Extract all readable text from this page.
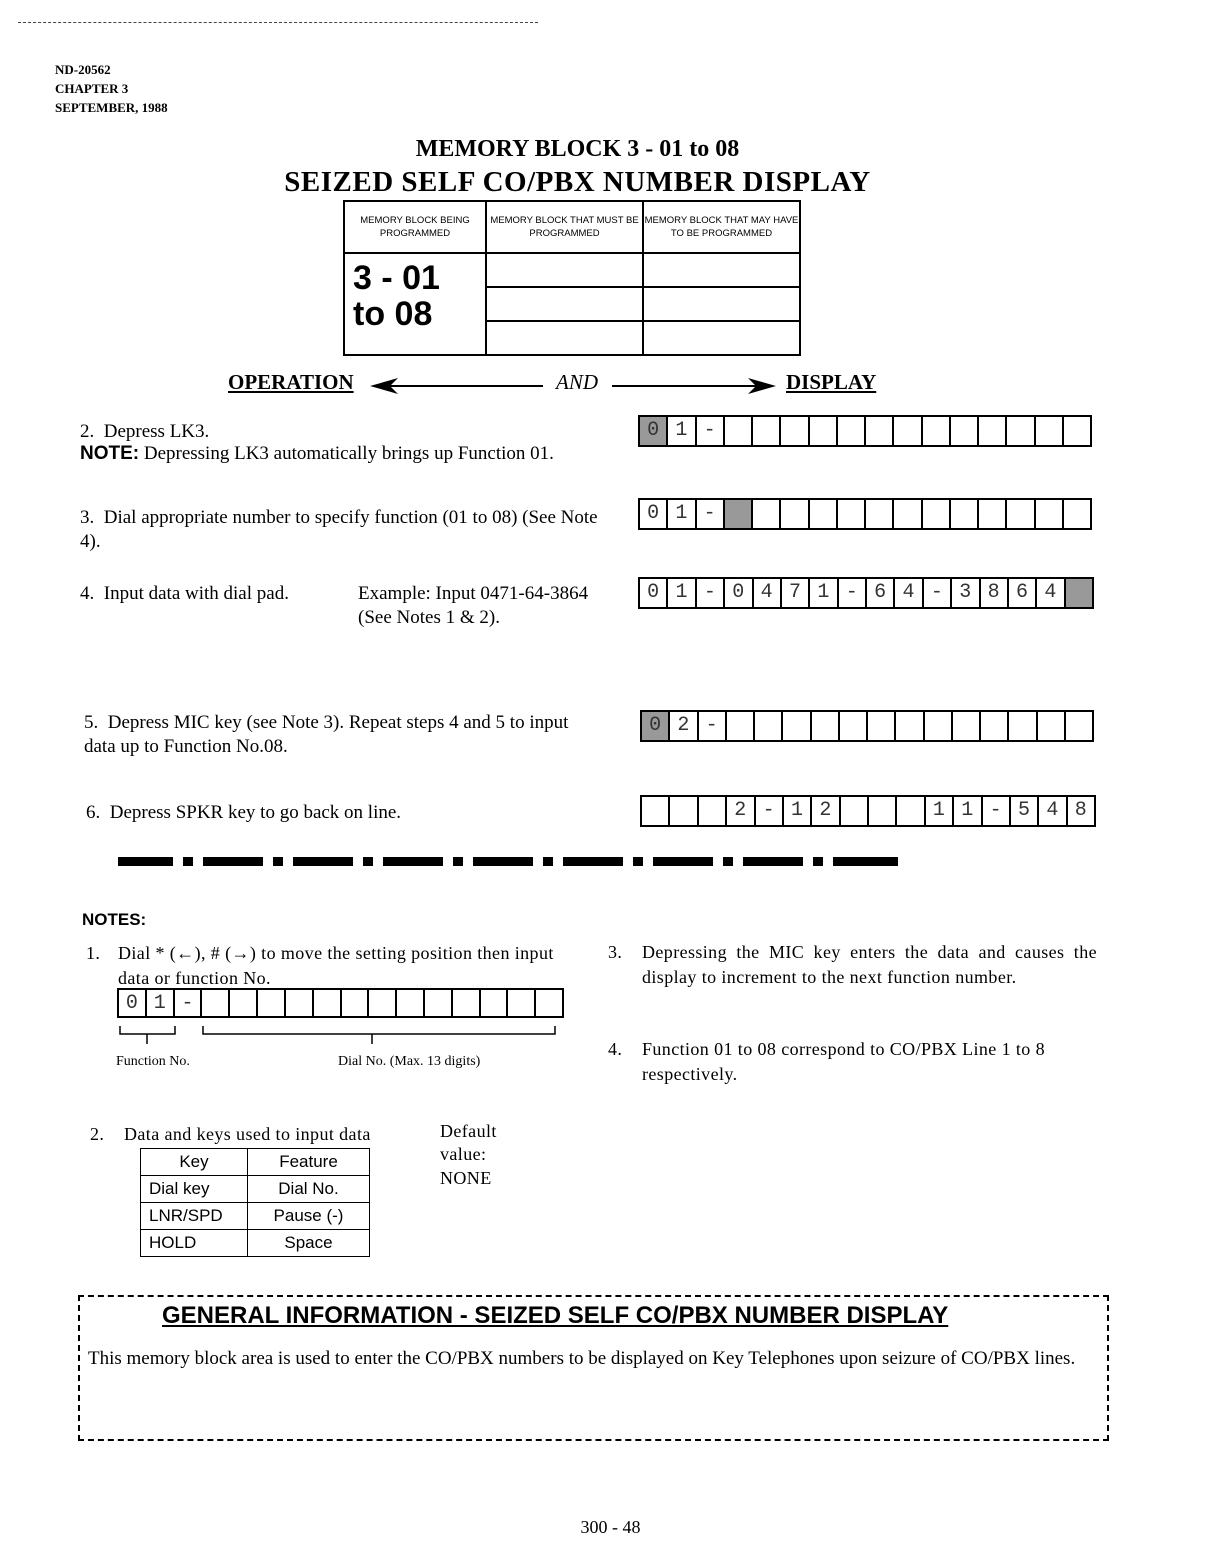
ND-20562
CHAPTER 3
SEPTEMBER, 1988
MEMORY BLOCK 3 - 01 to 08
SEIZED SELF CO/PBX NUMBER DISPLAY
MEMORY BLOCK BEING PROGRAMMED	MEMORY BLOCK THAT MUST BE PROGRAMMED	MEMORY BLOCK THAT MAY HAVE TO BE PROGRAMMED

3 - 01 to 08		

OPERATION	AND	DISPLAY
2. Depress LK3.
NOTE: Depressing LK3 automatically brings up Function 01.
3. Dial appropriate number to specify function (01 to 08) (See Note 4).
4. Input data with dial pad.	Example: Input 0471-64-3864 (See Notes 1 & 2).
5. Depress MIC key (see Note 3). Repeat steps 4 and 5 to input data up to Function No.08.
6. Depress SPKR key to go back on line.
0 1 -
0 1 -
0 1 - 0 4 7 1 - 6 4 - 3 8 6 4
0 2 -
2 - 1 2	1 1 - 5 4 8
NOTES:
1. Dial * (←), # (→) to move the setting position then input data or function No.
0 1 -
Function No.	Dial No. (Max. 13 digits)
2. Data and keys used to input data	Default value:
NONE
Key	Feature
Dial key	Dial No.
LNR/SPD	Pause (-)
HOLD	Space
3. Depressing the MIC key enters the data and causes the display to increment to the next function number.
4. Function 01 to 08 correspond to CO/PBX Line 1 to 8 respectively.
GENERAL INFORMATION - SEIZED SELF CO/PBX NUMBER DISPLAY
This memory block area is used to enter the CO/PBX numbers to be displayed on Key Telephones upon seizure of CO/PBX lines.
300 - 48
